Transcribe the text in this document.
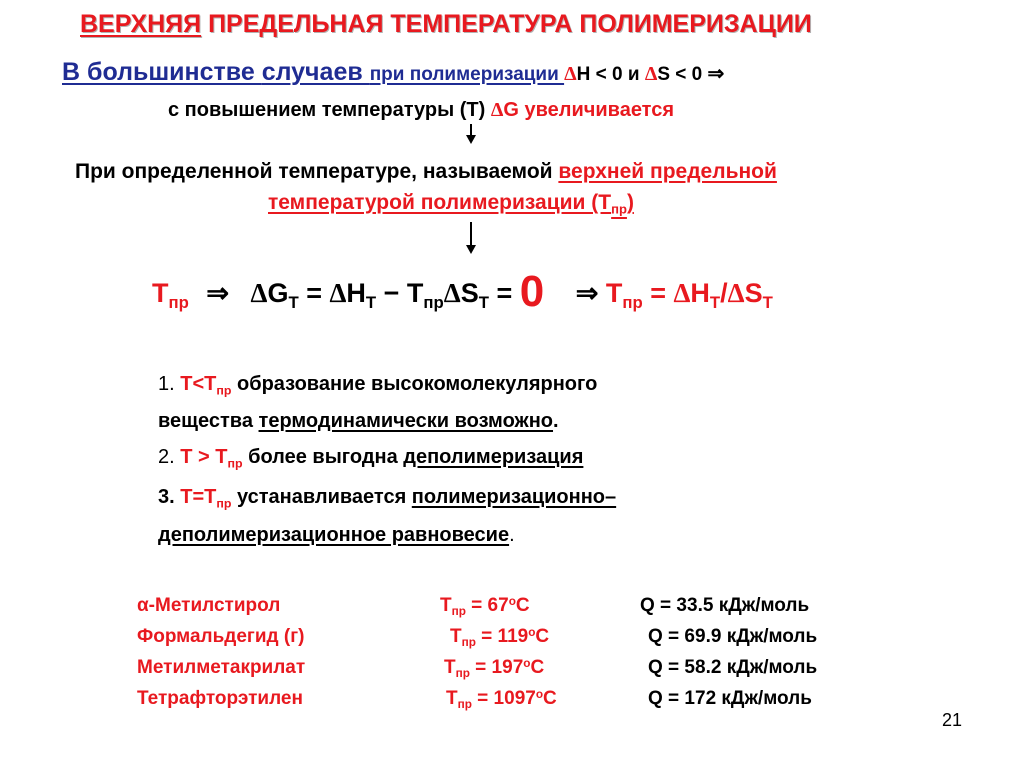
ВЕРХНЯЯ ПРЕДЕЛЬНАЯ ТЕМПЕРАТУРА ПОЛИМЕРИЗАЦИИ
В большинстве случаев при полимеризации ΔH < 0 и ΔS < 0 ⇒
с повышением температуры (Т) ΔG увеличивается
При определенной температуре, называемой верхней предельной
температурой полимеризации $(Т_{пр})$
$Т_{пр}$ ⇒ $\Delta G_Т = \Delta H_Т - Т_{пр}\Delta S_Т = 0$ ⇒ $Т_{пр} = \Delta H_Т/\Delta S_Т$
1. $Т<Т_{пр}$ образование высокомолекулярного
вещества термодинамически возможно.
2. $Т > Т_{пр}$ более выгодна деполимеризация
3. $Т=Т_{пр}$ устанавливается полимеризационно–
деполимеризационное равновесие.
α-Метилстирол	$Т_{пр} = 67^оС$	Q = 33.5 кДж/моль
Формальдегид (г)	$Т_{пр} = 119^оС$	Q = 69.9 кДж/моль
Метилметакрилат	$Т_{пр} = 197^оС$	Q = 58.2 кДж/моль
Тетрафторэтилен	$Т_{пр} = 1097^оС$	Q = 172 кДж/моль
21
